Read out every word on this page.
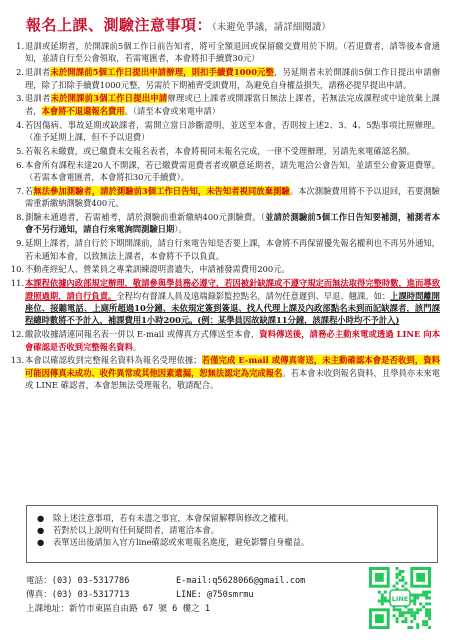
報名上課、測驗注意事項：（未避免爭議，請詳細閱讀）
1. 退訓或延期者，於開課前5個工作日前告知者，將可全額退回或保留繳交費用於下期。（若退費者，請等後本會通知，並請自行至公會領取，若需電匯者，本會將扣手續費30元）
2. 退訓者未於開課前5個工作日提出申請辦理，則扣手續費1000元整，另延期者未於開課前5個工作日提出申請辦理，除了扣除手續費1000元整，另需於下期補齊受訓費用，為避免自身權益損失，請務必提早提出申請。
3. 退訓者未於開課前3個工作日提出申請辦理或已上課者或開課當日無法上課者，若無法完成課程或中途放棄上課者，本會將不退還報名費用。（請至本會或來電申請）
4. 若因傷病、事故延期或缺課者，需開立當日診斷證明，並送至本會，否則按上述2、3、4、5點事項比照辦理。（准予延期上課，但不予以退費）
5. 若報名未繳費，或已繳費未交報名表者，本會將視同未報名完成，一律不受理辦理，另請先來電確認名額。
6. 本會所有課程未達20人不開課，若已繳費需退費者者或願意延期者，請先電洽公會告知，並請至公會簽退費單。（若需本會電匯者，本會將扣30元手續費）。
7. 若無法參加測驗者，請於測驗前3個工作日告知，未告知者視同放棄測驗。本次測驗費用將不予以退回，若要測驗需重新繳納測驗費400元。
8. 測驗未通過者，若需補考，請於測驗前重新繳納400元測驗費。（並請於測驗前5個工作日告知要補測，補測者本會不另行通知，請自行來電詢問測驗日期）。
9. 延期上課者，請自行於下期開課前，請自行來電告知是否要上課，本會將不再保留優先報名權利也不再另外通知，若未通知本會，以致無法上課者，本會將不予以負責。
10. 不動產經紀人、營業員之專業訓練證明書遺失，申請補發需費用200元。
11. 本課程依據內政部規定辦理，敬請參與學員務必遵守，若因被針缺課或不遵守規定而無法取得完整時數，進而導致證照過期，請自行負責。全程均有督課人員及遠端錄影監控點名，請勿任意遲到、早退、翹課。如：上課時間離開座位、接聽電話、上廁所超過10分鐘、未依規定簽到簽退、找人代理上課及內政部點名未到而記缺課者，該門課程總時數將不予計入，補課費用1小時200元。(例：某學員因故缺課11分鐘，該課程小時均不予計入)
12. 繳款收據請連同報名表一併以 E-mail 或傳真方式傳送至本會，資料傳送後，請務必主動來電或透過 LINE 向本會確認是否收到完整報名資料。
13. 本會以確認收到完整報名資料為報名受理依據；若僅完成 E-mail 或傳真寄送，未主動確認本會是否收到，資料可能因傳真未成功、收件異常或其他因素遺漏，恕無法認定為完成報名。若本會未收到報名資料，且學員亦未來電或 LINE 確認者，本會恕無法受理報名，敬請配合。
● 除上述注意事項，若有未盡之事宜，本會保留解釋與修改之權利。
● 若對於以上說明有任何疑問者，請電洽本會。
● 表單送出後請加入官方line確認或來電報名進度，避免影響自身權益。
電話：(03) 03-5317786	E-mail:q5628066@gmail.com
傳真：(03) 03-5317713	LINE: @750smrmu
上課地址：新竹市東區自由路 67 號 6 樓之 1
LINE
